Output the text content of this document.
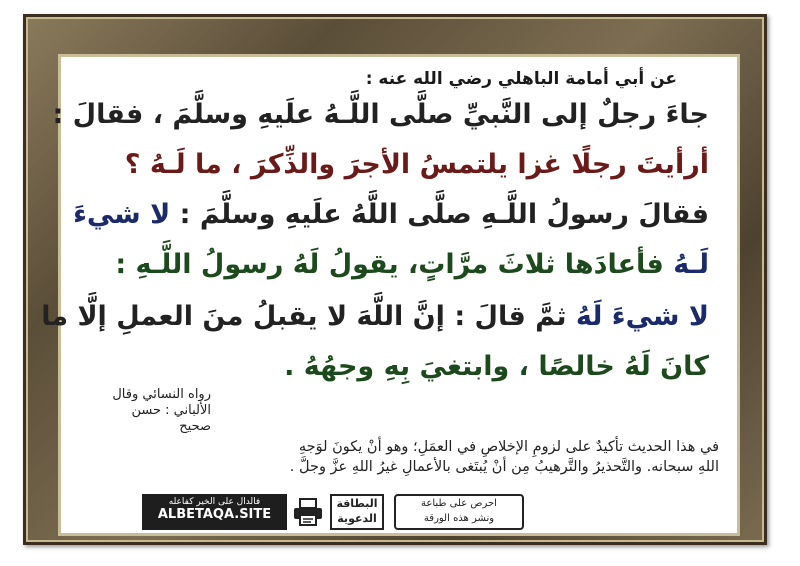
عن أبي أمامة الباهلي رضي الله عنه :
جاءَ رجلٌ إلى النَّبيِّ صلَّى اللَّـهُ علَيهِ وسلَّمَ ، فقالَ :
أرأيتَ رجلًا غزا يلتمسُ الأجرَ والذِّكرَ ، ما لَـهُ ؟
فقالَ رسولُ اللَّـهِ صلَّى اللَّهُ علَيهِ وسلَّمَ : لا شيءَ
لَـهُ فأعادَها ثلاثَ مرَّاتٍ، يقولُ لَهُ رسولُ اللَّـهِ :
لا شيءَ لَهُ ثمَّ قالَ : إنَّ اللَّهَ لا يقبلُ منَ العملِ إلَّا ما
كانَ لَهُ خالصًا ، وابتغيَ بِهِ وجهُهُ .
رواه النسائي وقال
الألباني : حسن صحيح
في هذا الحديث تأكيدٌ على لزومِ الإخلاصِ في العمَلِ؛ وهو أنْ يكونَ لوَجهِ
اللهِ سبحانه. والتَّحذيرُ والتَّرهيبُ مِن أنْ يُبتَغى بالأعمالِ غيرُ اللهِ عزَّ وجلَّ .
فالدال على الخير كفاعله
ALBETAQA.SITE
البطاقة
الدعوية
احرص على طباعة
ونشر هذه الورقة
